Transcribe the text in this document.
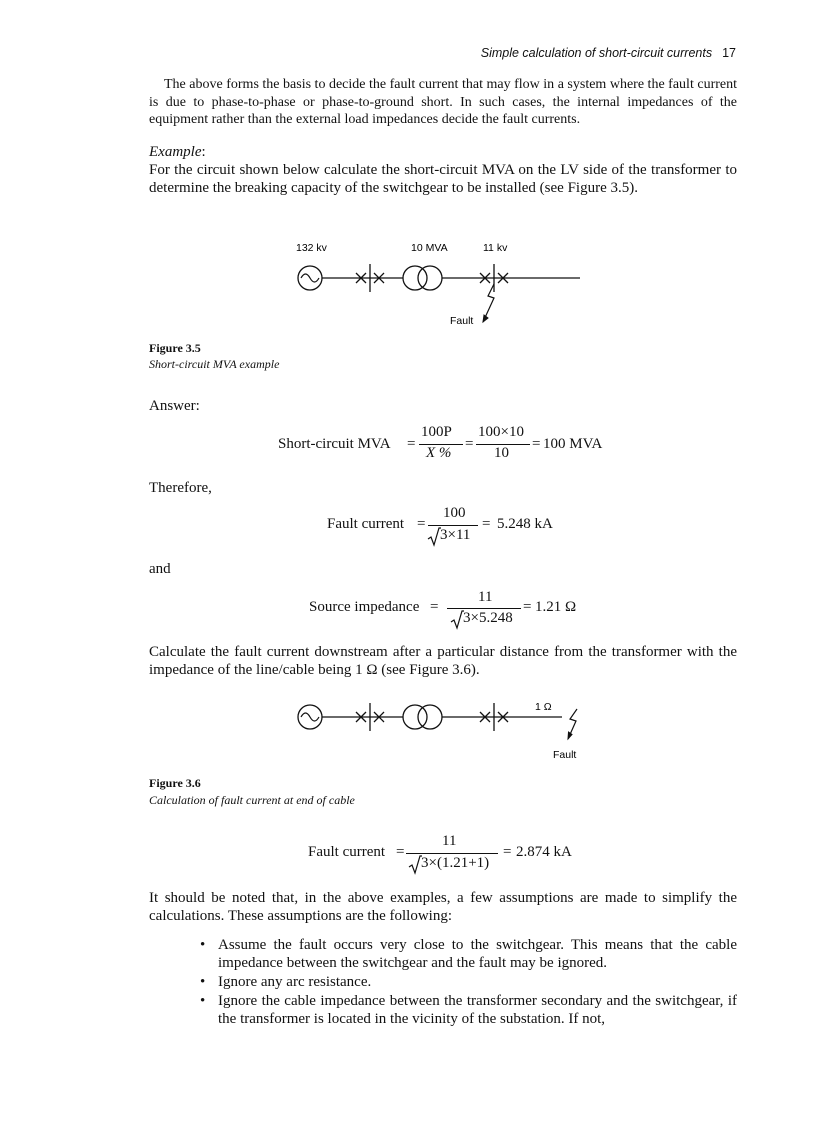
Simple calculation of short-circuit currents 17
The above forms the basis to decide the fault current that may flow in a system where the fault current is due to phase-to-phase or phase-to-ground short. In such cases, the internal impedances of the equipment rather than the external load impedances decide the fault currents.
Example:
For the circuit shown below calculate the short-circuit MVA on the LV side of the transformer to determine the breaking capacity of the switchgear to be installed (see Figure 3.5).
132 kv	10 MVA	11 kv
Fault
Figure 3.5
Short-circuit MVA example
Answer:
Short-circuit MVA =
100P
X %
=
100×10
10
= 100 MVA
Therefore,
Fault current =
100
3×11
= 5.248 kA
and
Source impedance =
11
3×5.248
= 1.21 Ω
Calculate the fault current downstream after a particular distance from the transformer with the impedance of the line/cable being 1 Ω (see Figure 3.6).
1 Ω
Fault
Figure 3.6
Calculation of fault current at end of cable
Fault current =
11
3×(1.21+1)
= 2.874 kA
It should be noted that, in the above examples, a few assumptions are made to simplify the calculations. These assumptions are the following:
• Assume the fault occurs very close to the switchgear. This means that the cable impedance between the switchgear and the fault may be ignored.
• Ignore any arc resistance.
• Ignore the cable impedance between the transformer secondary and the switchgear, if the transformer is located in the vicinity of the substation. If not,
